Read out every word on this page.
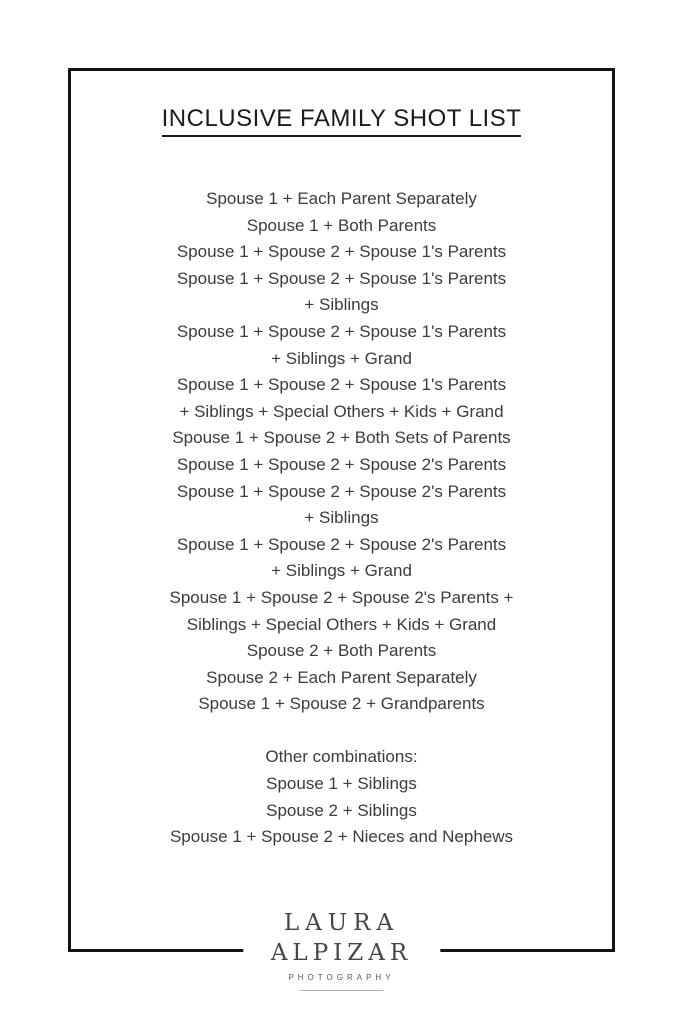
INCLUSIVE FAMILY SHOT LIST
Spouse 1 + Each Parent Separately
Spouse 1 + Both Parents
Spouse 1 + Spouse 2 + Spouse 1's Parents
Spouse 1 + Spouse 2 + Spouse 1's Parents
+ Siblings
Spouse 1 + Spouse 2 + Spouse 1's Parents
+ Siblings + Grand
Spouse 1 + Spouse 2 + Spouse 1's Parents
+ Siblings + Special Others + Kids + Grand
Spouse 1 + Spouse 2 + Both Sets of Parents
Spouse 1 + Spouse 2 + Spouse 2's Parents
Spouse 1 + Spouse 2 + Spouse 2's Parents
+ Siblings
Spouse 1 + Spouse 2 + Spouse 2's Parents
+ Siblings + Grand
Spouse 1 + Spouse 2 + Spouse 2's Parents +
Siblings + Special Others + Kids + Grand
Spouse 2 + Both Parents
Spouse 2 + Each Parent Separately
Spouse 1 + Spouse 2 + Grandparents
Other combinations:
Spouse 1 + Siblings
Spouse 2 + Siblings
Spouse 1 + Spouse 2 + Nieces and Nephews
LAURA
ALPIZAR
PHOTOGRAPHY
